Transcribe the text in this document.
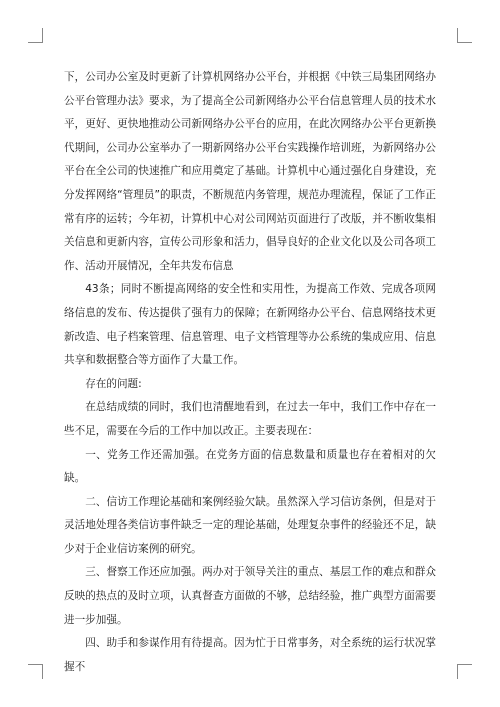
下，公司办公室及时更新了计算机网络办公平台，并根据《中铁三局集团网络办公平台管理办法》要求，为了提高全公司新网络办公平台信息管理人员的技术水平，更好、更快地推动公司新网络办公平台的应用，在此次网络办公平台更新换代期间，公司办公室举办了一期新网络办公平台实践操作培训班，为新网络办公平台在全公司的快速推广和应用奠定了基础。计算机中心通过强化自身建设，充分发挥网络“管理员”的职责，不断规范内务管理，规范办理流程，保证了工作正常有序的运转；今年初，计算机中心对公司网站页面进行了改版，并不断收集相关信息和更新内容，宣传公司形象和活力，倡导良好的企业文化以及公司各项工作、活动开展情况，全年共发布信息

43条；同时不断提高网络的安全性和实用性，为提高工作效、完成各项网络信息的发布、传达提供了强有力的保障；在新网络办公平台、信息网络技术更新改造、电子档案管理、信息管理、电子文档管理等办公系统的集成应用、信息共享和数据整合等方面作了大量工作。

存在的问题:

在总结成绩的同时，我们也清醒地看到，在过去一年中，我们工作中存在一些不足，需要在今后的工作中加以改正。主要表现在：

一、党务工作还需加强。在党务方面的信息数量和质量也存在着相对的欠缺。

二、信访工作理论基础和案例经验欠缺。虽然深入学习信访条例，但是对于灵活地处理各类信访事件缺乏一定的理论基础，处理复杂事件的经验还不足，缺少对于企业信访案例的研究。

三、督察工作还应加强。两办对于领导关注的重点、基层工作的难点和群众反映的热点的及时立项，认真督查方面做的不够，总结经验，推广典型方面需要进一步加强。

四、助手和参谋作用有待提高。因为忙于日常事务，对全系统的运行状况掌握不
